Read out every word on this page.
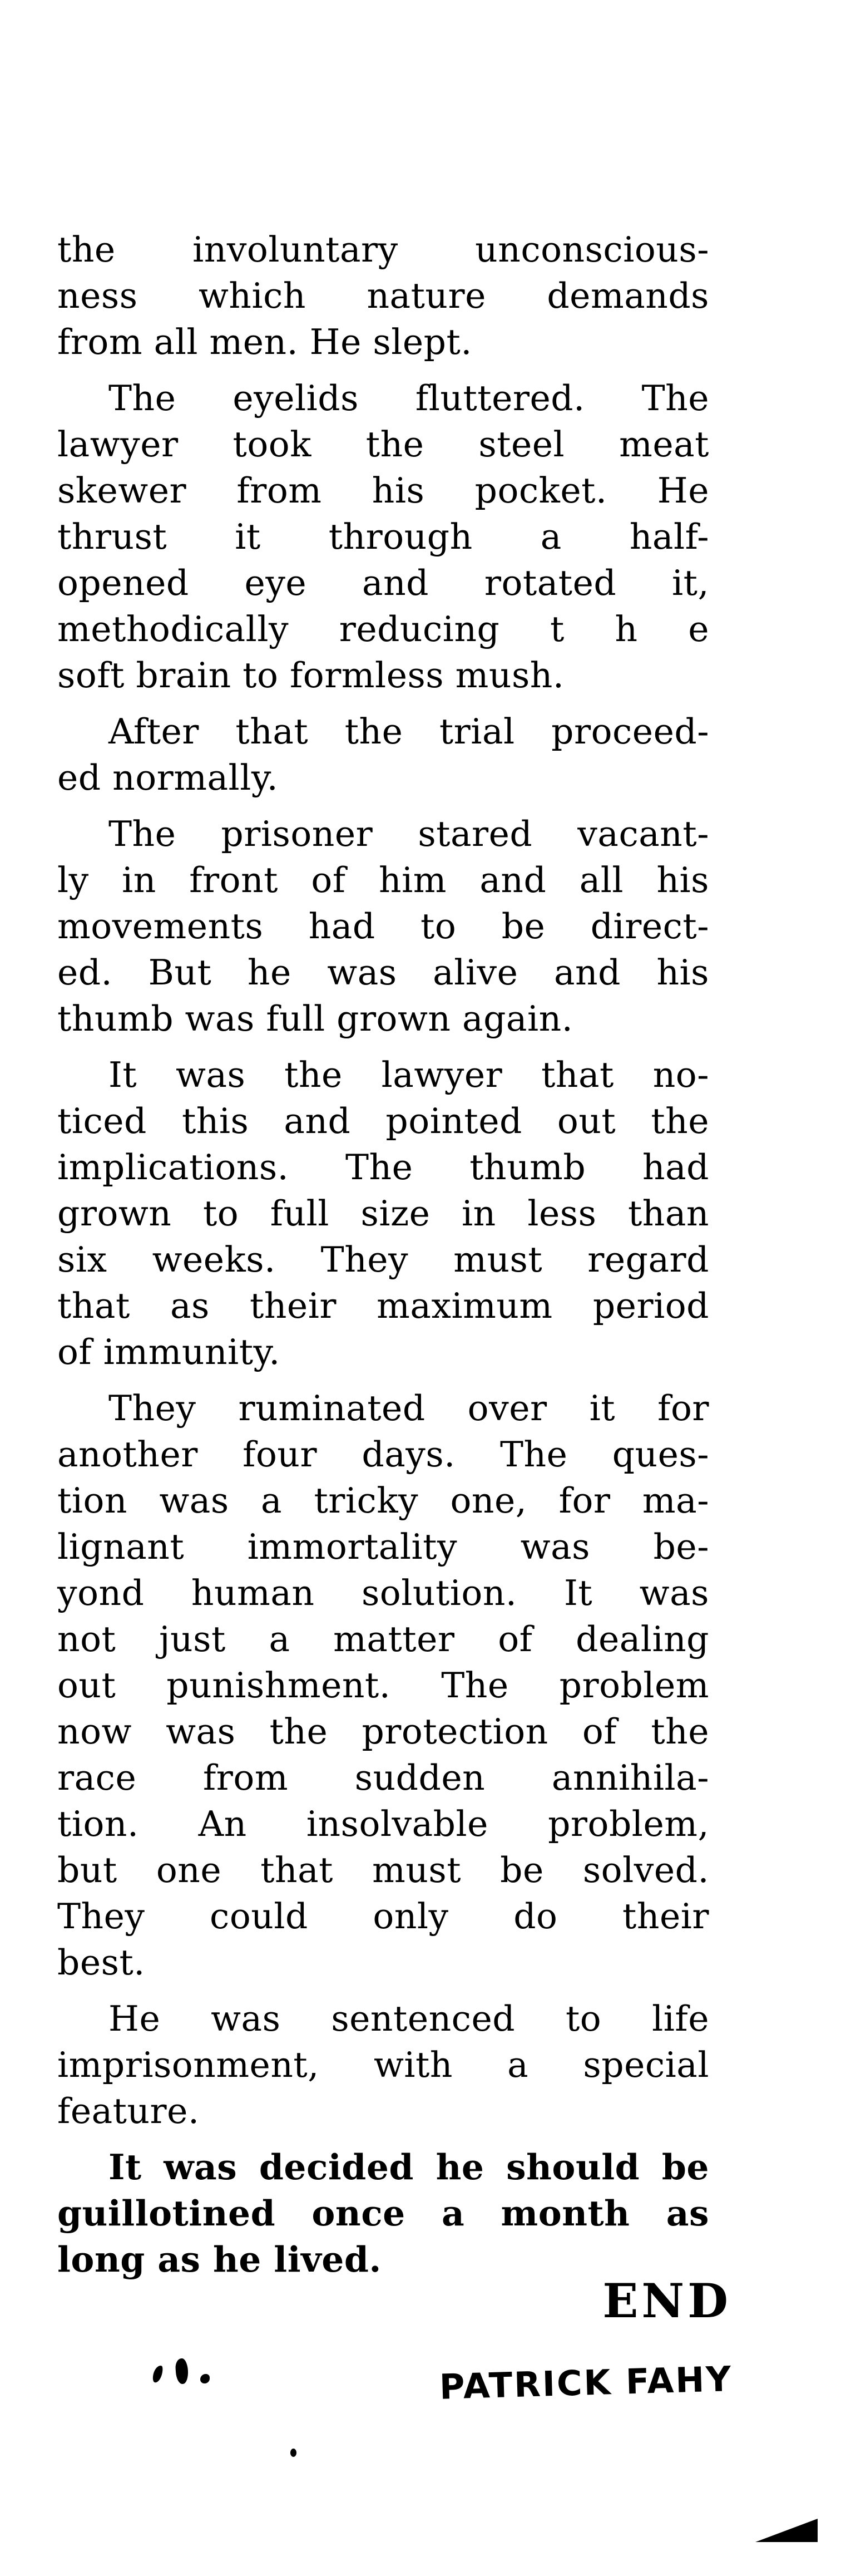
the involuntary unconscious-
ness which nature demands
from all men. He slept.
The eyelids fluttered. The
lawyer took the steel meat
skewer from his pocket. He
thrust it through a half-
opened eye and rotated it,
methodically reducing t h e
soft brain to formless mush.
After that the trial proceed-
ed normally.
The prisoner stared vacant-
ly in front of him and all his
movements had to be direct-
ed. But he was alive and his
thumb was full grown again.
It was the lawyer that no-
ticed this and pointed out the
implications. The thumb had
grown to full size in less than
six weeks. They must regard
that as their maximum period
of immunity.
They ruminated over it for
another four days. The ques-
tion was a tricky one, for ma-
lignant immortality was be-
yond human solution. It was
not just a matter of dealing
out punishment. The problem
now was the protection of the
race from sudden annihila-
tion. An insolvable problem,
but one that must be solved.
They could only do their
best.
He was sentenced to life
imprisonment, with a special
feature.
It was decided he should be
guillotined once a month as
long as he lived.
END
PATRICK FAHY
